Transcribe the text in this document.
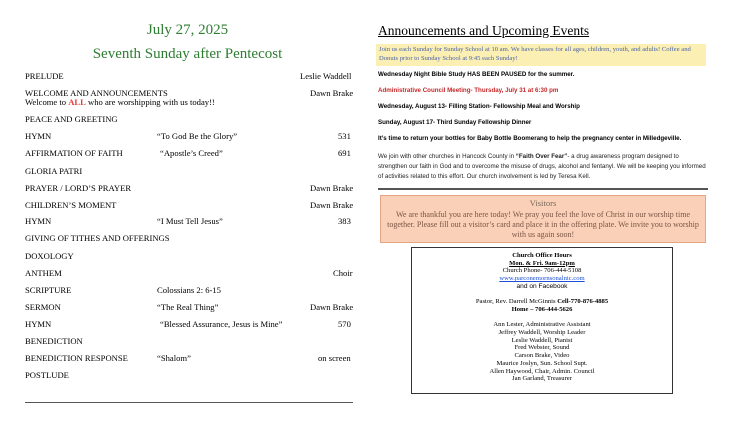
July 27, 2025
Seventh Sunday after Pentecost
PRELUDE	Leslie Waddell
WELCOME AND ANNOUNCEMENTS	Dawn Brake
Welcome to ALL who are worshipping with us today!!
PEACE AND GREETING
HYMN	“To God Be the Glory”	531
AFFIRMATION OF FAITH	“Apostle’s Creed”	691
GLORIA PATRI
PRAYER / LORD’S PRAYER	Dawn Brake
CHILDREN’S MOMENT	Dawn Brake
HYMN	“I Must Tell Jesus”	383
GIVING OF TITHES AND OFFERINGS
DOXOLOGY
ANTHEM	Choir
SCRIPTURE	Colossians 2: 6-15
SERMON	“The Real Thing”	Dawn Brake
HYMN	“Blessed Assurance, Jesus is Mine”	570
BENEDICTION
BENEDICTION RESPONSE	“Shalom”	on screen
POSTLUDE
Announcements and Upcoming Events
Join us each Sunday for Sunday School at 10 am. We have classes for all ages, children, youth, and adults! Coffee and Donuts prior to Sunday School at 9:45 each Sunday!
Wednesday Night Bible Study HAS BEEN PAUSED for the summer.
Administrative Council Meeting- Thursday, July 31 at 6:30 pm
Wednesday, August 13- Filling Station- Fellowship Meal and Worship
Sunday, August 17- Third Sunday Fellowship Dinner
It’s time to return your bottles for Baby Bottle Boomerang to help the pregnancy center in Milledgeville.
We join with other churches in Hancock County in “Faith Over Fear”- a drug awareness program designed to strengthen our faith in God and to overcome the misuse of drugs, alcohol and fentanyl. We will be keeping you informed of activities related to this effort. Our church involvement is led by Teresa Kell.
Visitors
We are thankful you are here today! We pray you feel the love of Christ in our worship time together. Please fill out a visitor’s card and place it in the offering plate. We invite you to worship with us again soon!
Church Office Hours
Mon. & Fri. 9am-12pm
Church Phone- 706-444-5108
www.parconemornsonalnic.com
and on Facebook
Pastor, Rev. Darrell McGinnis Cell-770-876-4885
Home – 706-444-5626
Ann Lester, Administrative Assistant
Jeffrey Waddell, Worship Leader
Leslie Waddell, Pianist
Fred Webster, Sound
Carson Brake, Video
Maurice Joslyn, Sun. School Supt.
Allen Haywood, Chair, Admin. Council
Jan Garland, Treasurer
